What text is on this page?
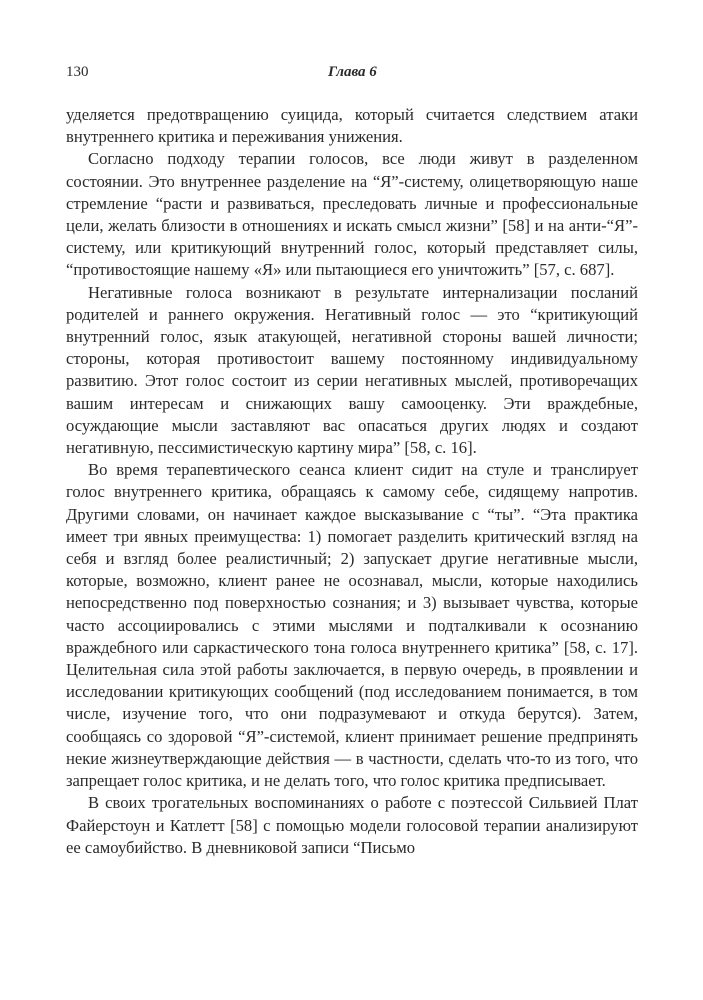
130	Глава 6

уделяется предотвращению суицида, который считается следствием атаки внутреннего критика и переживания унижения.

Согласно подходу терапии голосов, все люди живут в разделенном состоянии. Это внутреннее разделение на “Я”-систему, олицетворяющую наше стремление “расти и развиваться, преследовать личные и профессиональные цели, желать близости в отношениях и искать смысл жизни” [58] и на анти-“Я”-систему, или критикующий внутренний голос, который представляет силы, “противостоящие нашему «Я» или пытающиеся его уничтожить” [57, с. 687].

Негативные голоса возникают в результате интернализации посланий родителей и раннего окружения. Негативный голос — это “критикующий внутренний голос, язык атакующей, негативной стороны вашей личности; стороны, которая противостоит вашему постоянному индивидуальному развитию. Этот голос состоит из серии негативных мыслей, противоречащих вашим интересам и снижающих вашу самооценку. Эти враждебные, осуждающие мысли заставляют вас опасаться других людях и создают негативную, пессимистическую картину мира” [58, с. 16].

Во время терапевтического сеанса клиент сидит на стуле и транслирует голос внутреннего критика, обращаясь к самому себе, сидящему напротив. Другими словами, он начинает каждое высказывание с “ты”. “Эта практика имеет три явных преимущества: 1) помогает разделить критический взгляд на себя и взгляд более реалистичный; 2) запускает другие негативные мысли, которые, возможно, клиент ранее не осознавал, мысли, которые находились непосредственно под поверхностью сознания; и 3) вызывает чувства, которые часто ассоциировались с этими мыслями и подталкивали к осознанию враждебного или саркастического тона голоса внутреннего критика” [58, с. 17]. Целительная сила этой работы заключается, в первую очередь, в проявлении и исследовании критикующих сообщений (под исследованием понимается, в том числе, изучение того, что они подразумевают и откуда берутся). Затем, сообщаясь со здоровой “Я”-системой, клиент принимает решение предпринять некие жизнеутверждающие действия — в частности, сделать что-то из того, что запрещает голос критика, и не делать того, что голос критика предписывает.

В своих трогательных воспоминаниях о работе с поэтессой Сильвией Плат Файерстоун и Катлетт [58] с помощью модели голосовой терапии анализируют ее самоубийство. В дневниковой записи “Письмо
